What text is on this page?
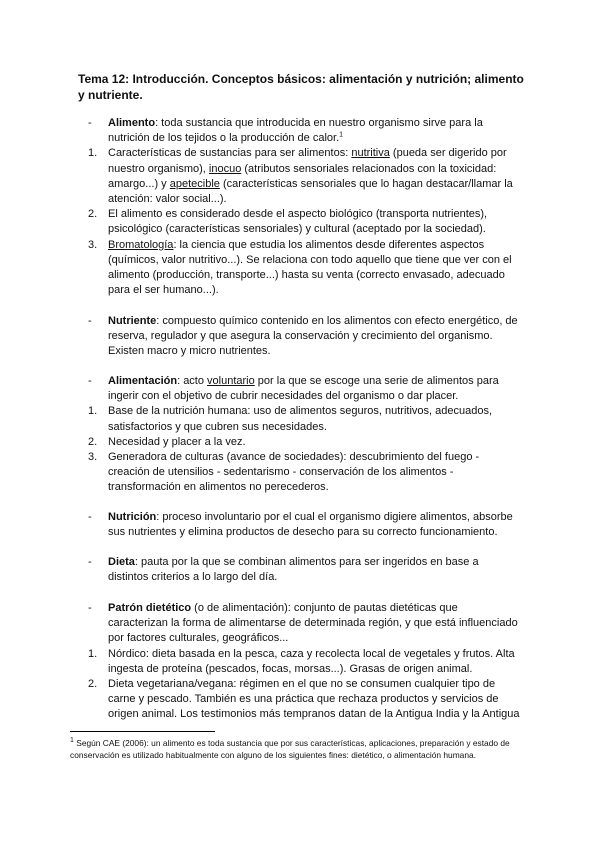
Tema 12: Introducción. Conceptos básicos: alimentación y nutrición; alimento y nutriente.
- Alimento: toda sustancia que introducida en nuestro organismo sirve para la nutrición de los tejidos o la producción de calor.$^1$
1. Características de sustancias para ser alimentos: nutritiva (pueda ser digerido por nuestro organismo), inocuo (atributos sensoriales relacionados con la toxicidad: amargo...) y apetecible (características sensoriales que lo hagan destacar/llamar la atención: valor social...).
2. El alimento es considerado desde el aspecto biológico (transporta nutrientes), psicológico (características sensoriales) y cultural (aceptado por la sociedad).
3. Bromatología: la ciencia que estudia los alimentos desde diferentes aspectos (químicos, valor nutritivo...). Se relaciona con todo aquello que tiene que ver con el alimento (producción, transporte...) hasta su venta (correcto envasado, adecuado para el ser humano...).
- Nutriente: compuesto químico contenido en los alimentos con efecto energético, de reserva, regulador y que asegura la conservación y crecimiento del organismo. Existen macro y micro nutrientes.
- Alimentación: acto voluntario por la que se escoge una serie de alimentos para ingerir con el objetivo de cubrir necesidades del organismo o dar placer.
1. Base de la nutrición humana: uso de alimentos seguros, nutritivos, adecuados, satisfactorios y que cubren sus necesidades.
2. Necesidad y placer a la vez.
3. Generadora de culturas (avance de sociedades): descubrimiento del fuego - creación de utensilios - sedentarismo - conservación de los alimentos - transformación en alimentos no perecederos.
- Nutrición: proceso involuntario por el cual el organismo digiere alimentos, absorbe sus nutrientes y elimina productos de desecho para su correcto funcionamiento.
- Dieta: pauta por la que se combinan alimentos para ser ingeridos en base a distintos criterios a lo largo del día.
- Patrón dietético (o de alimentación): conjunto de pautas dietéticas que caracterizan la forma de alimentarse de determinada región, y que está influenciado por factores culturales, geográficos...
1. Nórdico: dieta basada en la pesca, caza y recolecta local de vegetales y frutos. Alta ingesta de proteína (pescados, focas, morsas...). Grasas de origen animal.
2. Dieta vegetariana/vegana: régimen en el que no se consumen cualquier tipo de carne y pescado. También es una práctica que rechaza productos y servicios de origen animal. Los testimonios más tempranos datan de la Antigua India y la Antigua
$^1$ Según CAE (2006): un alimento es toda sustancia que por sus características, aplicaciones, preparación y estado de conservación es utilizado habitualmente con alguno de los siguientes fines: dietético, o alimentación humana.
